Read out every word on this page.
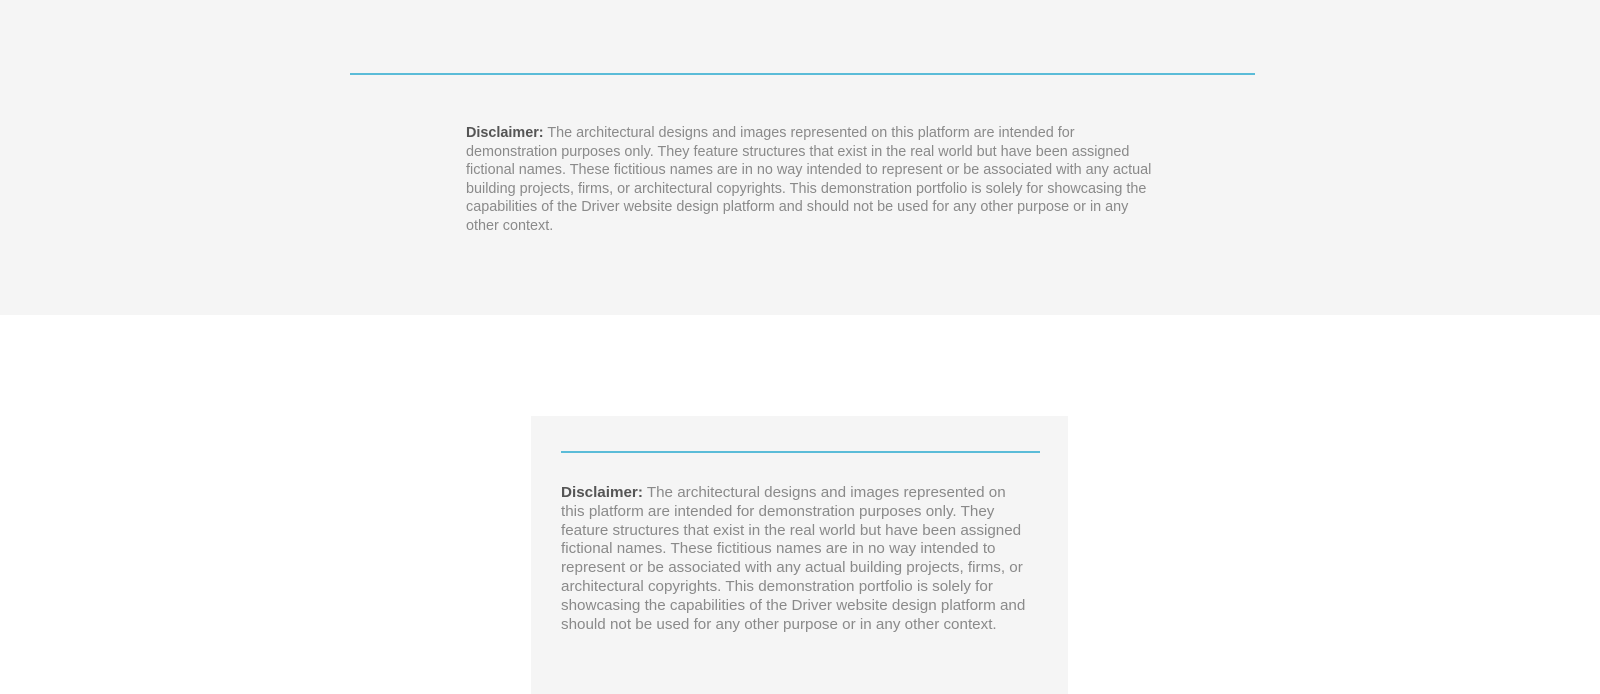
Disclaimer: The architectural designs and images represented on this platform are intended for demonstration purposes only. They feature structures that exist in the real world but have been assigned fictional names. These fictitious names are in no way intended to represent or be associated with any actual building projects, firms, or architectural copyrights. This demonstration portfolio is solely for showcasing the capabilities of the Driver website design platform and should not be used for any other purpose or in any other context.

Disclaimer: The architectural designs and images represented on this platform are intended for demonstration purposes only. They feature structures that exist in the real world but have been assigned fictional names. These fictitious names are in no way intended to represent or be associated with any actual building projects, firms, or architectural copyrights. This demonstration portfolio is solely for showcasing the capabilities of the Driver website design platform and should not be used for any other purpose or in any other context.
